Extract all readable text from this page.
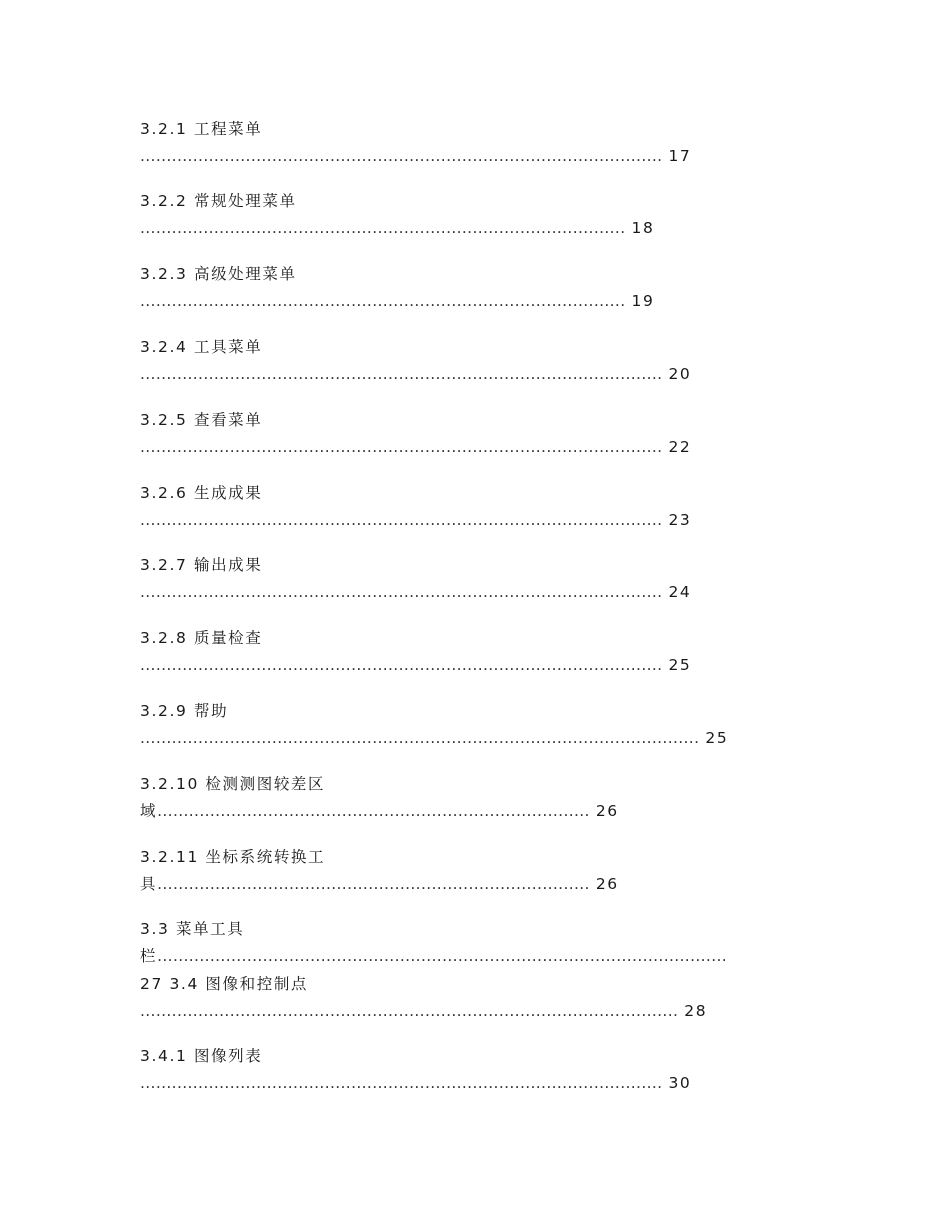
3.2.1 工程菜单
................................................................................................... 17
3.2.2 常规处理菜单
............................................................................................ 18
3.2.3 高级处理菜单
............................................................................................ 19
3.2.4 工具菜单
................................................................................................... 20
3.2.5 查看菜单
................................................................................................... 22
3.2.6 生成成果
................................................................................................... 23
3.2.7 输出成果
................................................................................................... 24
3.2.8 质量检查
................................................................................................... 25
3.2.9 帮助
.......................................................................................................... 25
3.2.10 检测测图较差区
域.................................................................................. 26
3.2.11 坐标系统转换工
具.................................................................................. 26
3.3 菜单工具
栏............................................................................................................
27 3.4 图像和控制点
...................................................................................................... 28
3.4.1 图像列表
................................................................................................... 30
